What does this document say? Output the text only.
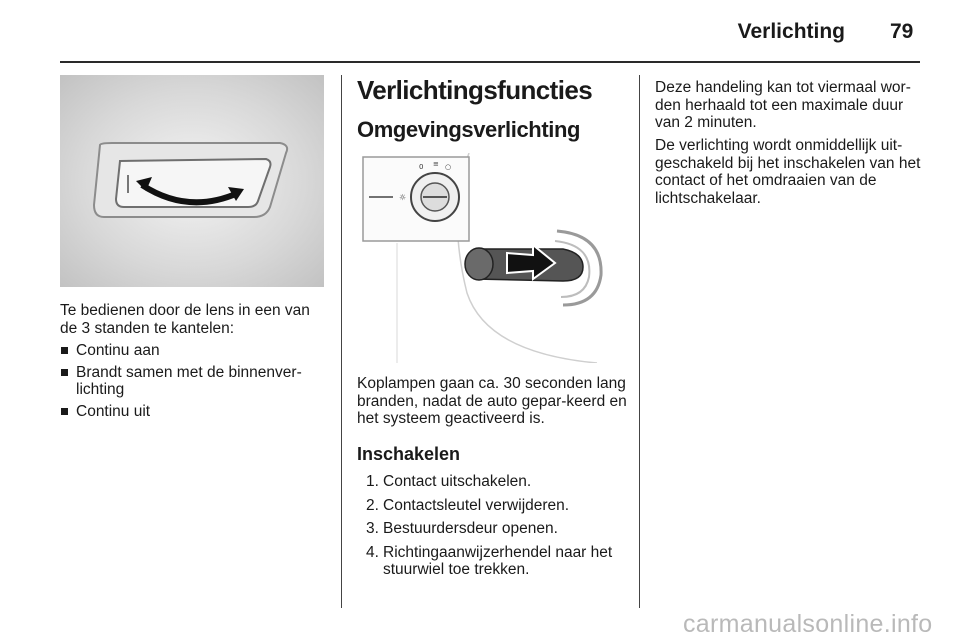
Verlichting 79

Te bedienen door de lens in een van de 3 standen te kantelen:

Continu aan
Brandt samen met de binnenver-lichting
Continu uit
Verlichtingsfuncties
Omgevingsverlichting
☼
0 ≡ ○

Koplampen gaan ca. 30 seconden lang branden, nadat de auto gepar-keerd en het systeem geactiveerd is.

Inschakelen
1. Contact uitschakelen.
2. Contactsleutel verwijderen.
3. Bestuurdersdeur openen.
4. Richtingaanwijzerhendel naar het stuurwiel toe trekken.

Deze handeling kan tot viermaal wor-den herhaald tot een maximale duur van 2 minuten.

De verlichting wordt onmiddellijk uit-geschakeld bij het inschakelen van het contact of het omdraaien van de lichtschakelaar.

carmanualsonline.info
